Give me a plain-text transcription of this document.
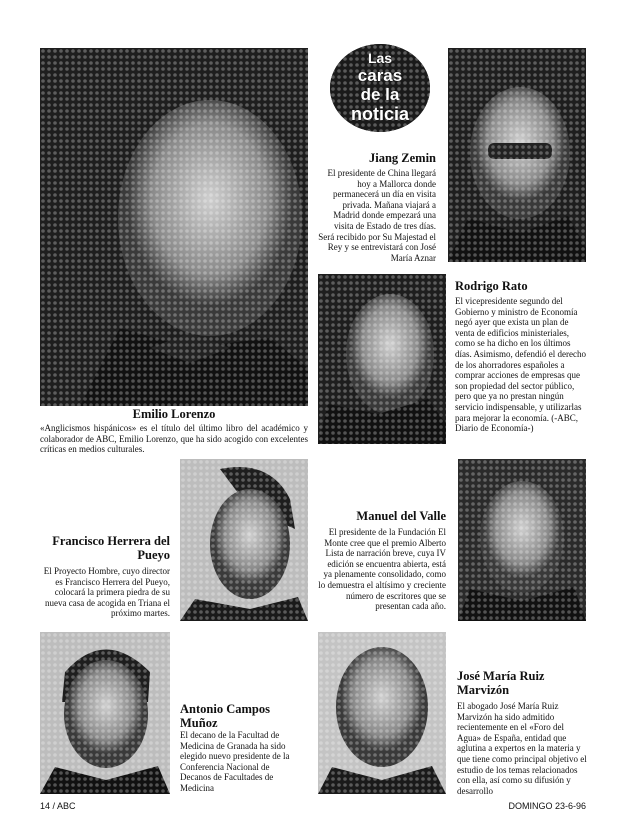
Emilio Lorenzo

«Anglicismos hispánicos» es el título del último libro del académico y colaborador de ABC, Emilio Lorenzo, que ha sido acogido con excelentes críticas en medios culturales.

Las
caras
de la
noticia
Jiang Zemin

El presidente de China llegará hoy a Mallorca donde permanecerá un día en visita privada. Mañana viajará a Madrid donde empezará una visita de Estado de tres días. Será recibido por Su Majestad el Rey y se entrevistará con José María Aznar

Rodrigo Rato

El vicepresidente segundo del Gobierno y ministro de Economía negó ayer que exista un plan de venta de edificios ministeriales, como se ha dicho en los últimos días. Asimismo, defendió el derecho de los ahorradores españoles a comprar acciones de empresas que son propiedad del sector público, pero que ya no prestan ningún servicio indispensable, y utilizarlas para mejorar la economía. (-ABC, Diario de Economía-)

Francisco Herrera del Pueyo

El Proyecto Hombre, cuyo director es Francisco Herrera del Pueyo, colocará la primera piedra de su nueva casa de acogida en Triana el próximo martes.

Manuel del Valle

El presidente de la Fundación El Monte cree que el premio Alberto Lista de narración breve, cuya IV edición se encuentra abierta, está ya plenamente consolidado, como lo demuestra el altísimo y creciente número de escritores que se presentan cada año.

Antonio Campos Muñoz

El decano de la Facultad de Medicina de Granada ha sido elegido nuevo presidente de la Conferencia Nacional de Decanos de Facultades de Medicina

José María Ruiz Marvizón

El abogado José María Ruiz Marvizón ha sido admitido recientemente en el «Foro del Agua» de España, entidad que aglutina a expertos en la materia y que tiene como principal objetivo el estudio de los temas relacionados con ella, así como su difusión y desarrollo

14 / ABC	DOMINGO 23-6-96
